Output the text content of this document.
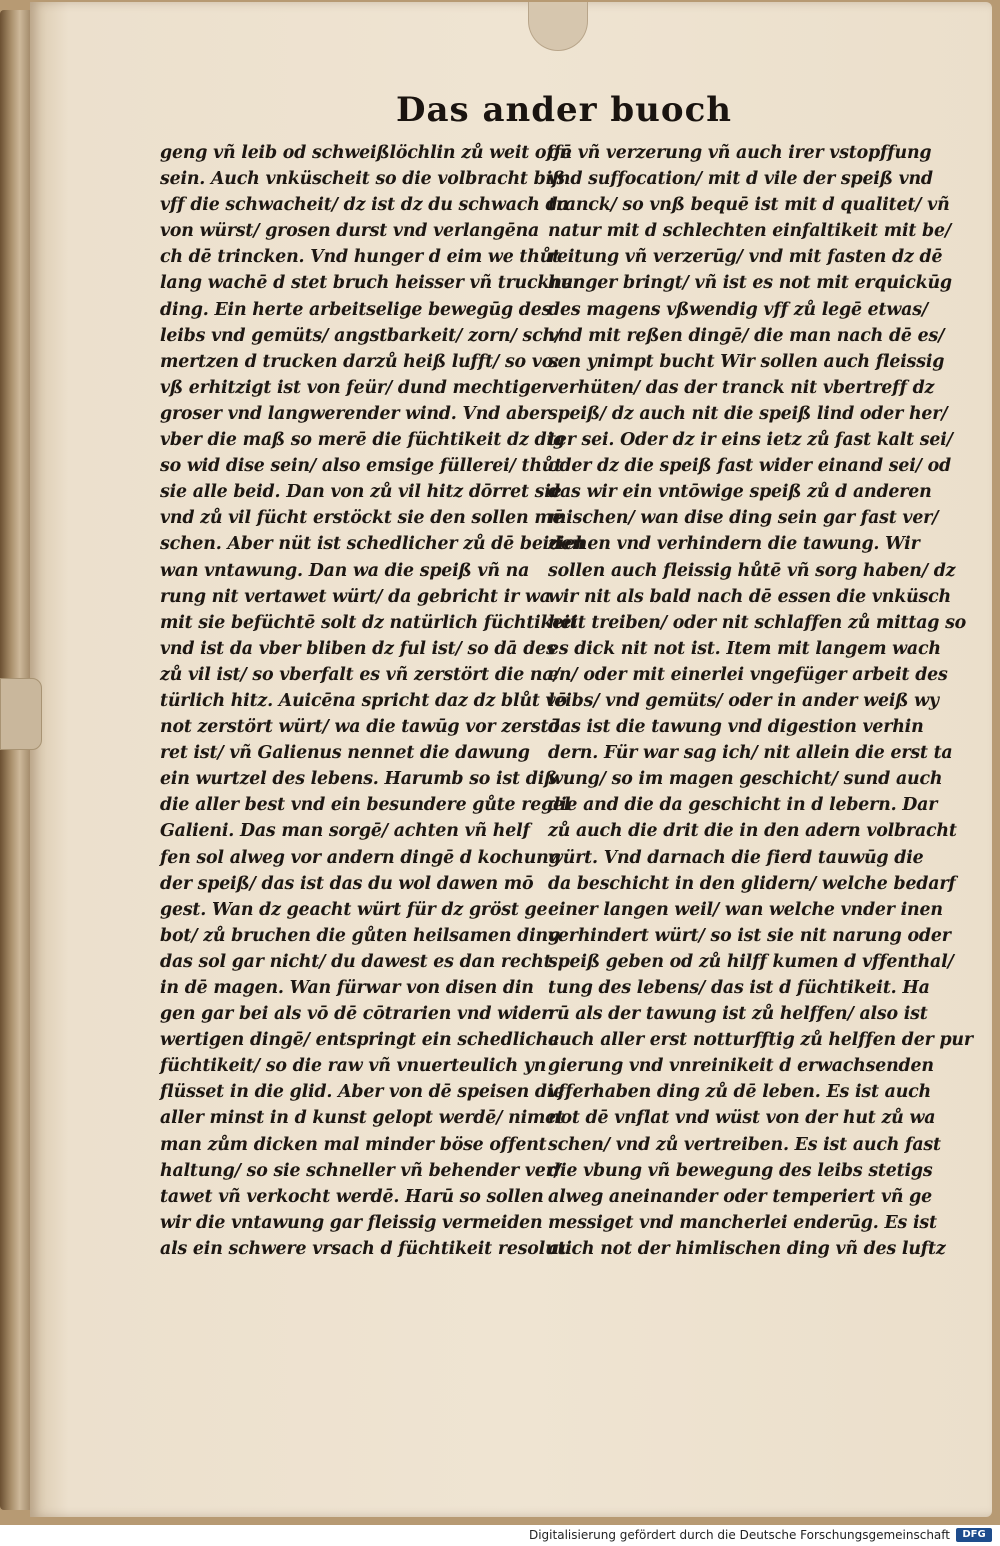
Das ander buoch
geng vñ leib od schweißlöchlin zů weit offē
sein. Auch vnküscheit so die volbracht biß
vff die schwacheit/ dz ist dz du schwach da
von würst/ grosen durst vnd verlangēna
ch dē trincken. Vnd hunger d eim we thůt
lang wachē d stet bruch heisser vñ truckner
ding. Ein herte arbeitselige bewegūg des
leibs vnd gemüts/ angstbarkeit/ zorn/ sch/
mertzen d trucken darzů heiß lufft/ so vo:
vß erhitzigt ist von feür/ dund mechtiger
groser vnd langwerender wind. Vnd aber
vber die maß so merē die füchtikeit dz dig
so wid dise sein/ also emsige füllerei/ thůt
sie alle beid. Dan von zů vil hitz dōrret sie
vnd zů vil fücht erstöckt sie den sollen mē
schen. Aber nüt ist schedlicher zů dē beiden
wan vntawung. Dan wa die speiß vñ na
rung nit vertawet würt/ da gebricht ir wa
mit sie befüchtē solt dz natürlich füchtikeit
vnd ist da vber bliben dz ful ist/ so dā des
zů vil ist/ so vberfalt es vñ zerstört die na/
türlich hitz. Auicēna spricht daz dz blůt vō
not zerstört würt/ wa die tawūg vor zerstō
ret ist/ vñ Galienus nennet die dawung
ein wurtzel des lebens. Harumb so ist diß
die aller best vnd ein besundere gůte regel
Galieni. Das man sorgē/ achten vñ helf
fen sol alweg vor andern dingē d kochung
der speiß/ das ist das du wol dawen mō
gest. Wan dz geacht würt für dz gröst ge
bot/ zů bruchen die gůten heilsamen ding
das sol gar nicht/ du dawest es dan recht
in dē magen. Wan fürwar von disen din
gen gar bei als vō dē cōtrarien vnd wider
wertigen dingē/ entspringt ein schedliche
füchtikeit/ so die raw vñ vnuerteulich yn
flüsset in die glid. Aber von dē speisen die
aller minst in d kunst gelopt werdē/ nimet
man zům dicken mal minder böse offent
haltung/ so sie schneller vñ behender ver/
tawet vñ verkocht werdē. Harū so sollen
wir die vntawung gar fleissig vermeiden
als ein schwere vrsach d füchtikeit resoluti
on vñ verzerung vñ auch irer vstopffung
vnd suffocation/ mit d vile der speiß vnd
tranck/ so vnß bequē ist mit d qualitet/ vñ
natur mit d schlechten einfaltikeit mit be/
reitung vñ verzerūg/ vnd mit fasten dz dē
hunger bringt/ vñ ist es not mit erquickūg
des magens vßwendig vff zů legē etwas/
vnd mit reßen dingē/ die man nach dē es/
sen ynimpt bucht Wir sollen auch fleissig
verhüten/ das der tranck nit vbertreff dz
speiß/ dz auch nit die speiß lind oder her/
ter sei. Oder dz ir eins ietz zů fast kalt sei/
oder dz die speiß fast wider einand sei/ od
das wir ein vntōwige speiß zů d anderen
mischen/ wan dise ding sein gar fast ver/
ziehen vnd verhindern die tawung. Wir
sollen auch fleissig hůtē vñ sorg haben/ dz
wir nit als bald nach dē essen die vnküsch
heit treiben/ oder nit schlaffen zů mittag so
es dick nit not ist. Item mit langem wach
en/ oder mit einerlei vngefüger arbeit des
leibs/ vnd gemüts/ oder in ander weiß wy
das ist die tawung vnd digestion verhin
dern. Für war sag ich/ nit allein die erst ta
wung/ so im magen geschicht/ sund auch
die and die da geschicht in d lebern. Dar
zů auch die drit die in den adern volbracht
würt. Vnd darnach die fierd tauwūg die
da beschicht in den glidern/ welche bedarf
einer langen weil/ wan welche vnder inen
verhindert würt/ so ist sie nit narung oder
speiß geben od zů hilff kumen d vffenthal/
tung des lebens/ das ist d füchtikeit. Ha
rū als der tawung ist zů helffen/ also ist
auch aller erst notturfftig zů helffen der pur
gierung vnd vnreinikeit d erwachsenden
vfferhaben ding zů dē leben. Es ist auch
not dē vnflat vnd wüst von der hut zů wa
schen/ vnd zů vertreiben. Es ist auch fast
die vbung vñ bewegung des leibs stetigs
alweg aneinander oder temperiert vñ ge
messiget vnd mancherlei enderūg. Es ist
auch not der himlischen ding vñ des luftz
Digitalisierung gefördert durch die Deutsche Forschungsgemeinschaft	DFG
